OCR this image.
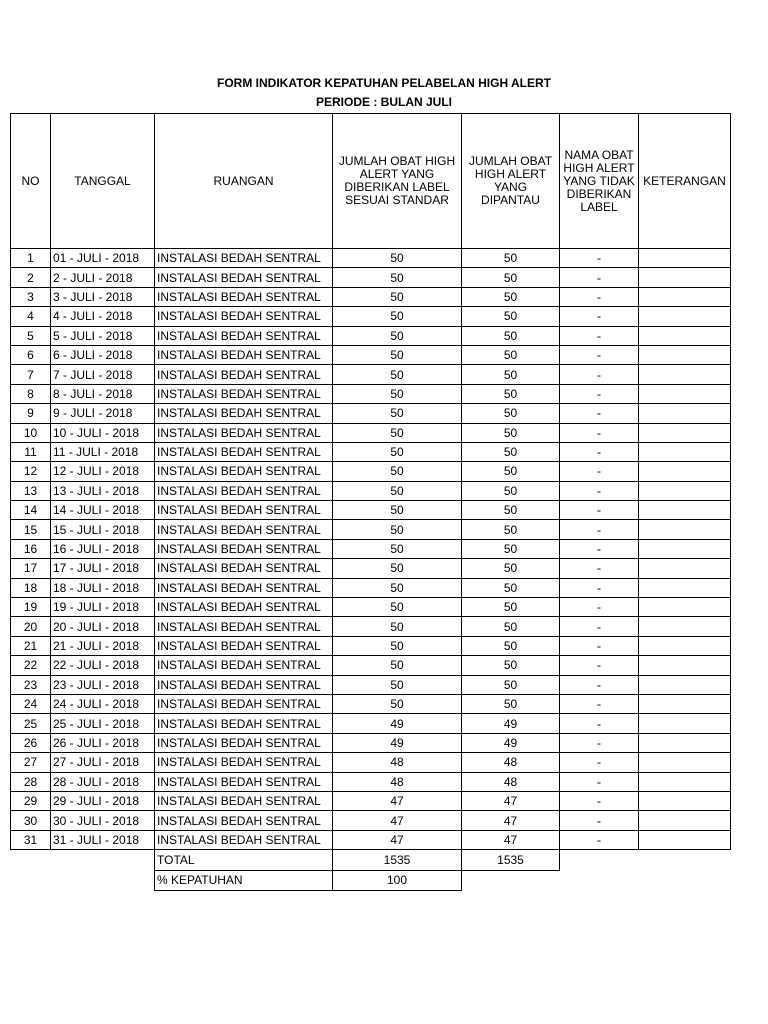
FORM INDIKATOR KEPATUHAN PELABELAN HIGH ALERT
PERIODE : BULAN JULI
NO	TANGGAL	RUANGAN	JUMLAH OBAT HIGH ALERT YANG DIBERIKAN LABEL SESUAI STANDAR	JUMLAH OBAT HIGH ALERT YANG DIPANTAU	NAMA OBAT HIGH ALERT YANG TIDAK DIBERIKAN LABEL	KETERANGAN
1	01 - JULI - 2018	INSTALASI BEDAH SENTRAL	50	50	-	
2	2 - JULI - 2018	INSTALASI BEDAH SENTRAL	50	50	-	
3	3 - JULI - 2018	INSTALASI BEDAH SENTRAL	50	50	-	
4	4 - JULI - 2018	INSTALASI BEDAH SENTRAL	50	50	-	
5	5 - JULI - 2018	INSTALASI BEDAH SENTRAL	50	50	-	
6	6 - JULI - 2018	INSTALASI BEDAH SENTRAL	50	50	-	
7	7 - JULI - 2018	INSTALASI BEDAH SENTRAL	50	50	-	
8	8 - JULI - 2018	INSTALASI BEDAH SENTRAL	50	50	-	
9	9 - JULI - 2018	INSTALASI BEDAH SENTRAL	50	50	-	
10	10 - JULI - 2018	INSTALASI BEDAH SENTRAL	50	50	-	
11	11 - JULI - 2018	INSTALASI BEDAH SENTRAL	50	50	-	
12	12 - JULI - 2018	INSTALASI BEDAH SENTRAL	50	50	-	
13	13 - JULI - 2018	INSTALASI BEDAH SENTRAL	50	50	-	
14	14 - JULI - 2018	INSTALASI BEDAH SENTRAL	50	50	-	
15	15 - JULI - 2018	INSTALASI BEDAH SENTRAL	50	50	-	
16	16 - JULI - 2018	INSTALASI BEDAH SENTRAL	50	50	-	
17	17 - JULI - 2018	INSTALASI BEDAH SENTRAL	50	50	-	
18	18 - JULI - 2018	INSTALASI BEDAH SENTRAL	50	50	-	
19	19 - JULI - 2018	INSTALASI BEDAH SENTRAL	50	50	-	
20	20 - JULI - 2018	INSTALASI BEDAH SENTRAL	50	50	-	
21	21 - JULI - 2018	INSTALASI BEDAH SENTRAL	50	50	-	
22	22 - JULI - 2018	INSTALASI BEDAH SENTRAL	50	50	-	
23	23 - JULI - 2018	INSTALASI BEDAH SENTRAL	50	50	-	
24	24 - JULI - 2018	INSTALASI BEDAH SENTRAL	50	50	-	
25	25 - JULI - 2018	INSTALASI BEDAH SENTRAL	49	49	-	
26	26 - JULI - 2018	INSTALASI BEDAH SENTRAL	49	49	-	
27	27 - JULI - 2018	INSTALASI BEDAH SENTRAL	48	48	-	
28	28 - JULI - 2018	INSTALASI BEDAH SENTRAL	48	48	-	
29	29 - JULI - 2018	INSTALASI BEDAH SENTRAL	47	47	-	
30	30 - JULI - 2018	INSTALASI BEDAH SENTRAL	47	47	-	
31	31 - JULI - 2018	INSTALASI BEDAH SENTRAL	47	47	-	
		TOTAL	1535	1535		
		% KEPATUHAN	100			
